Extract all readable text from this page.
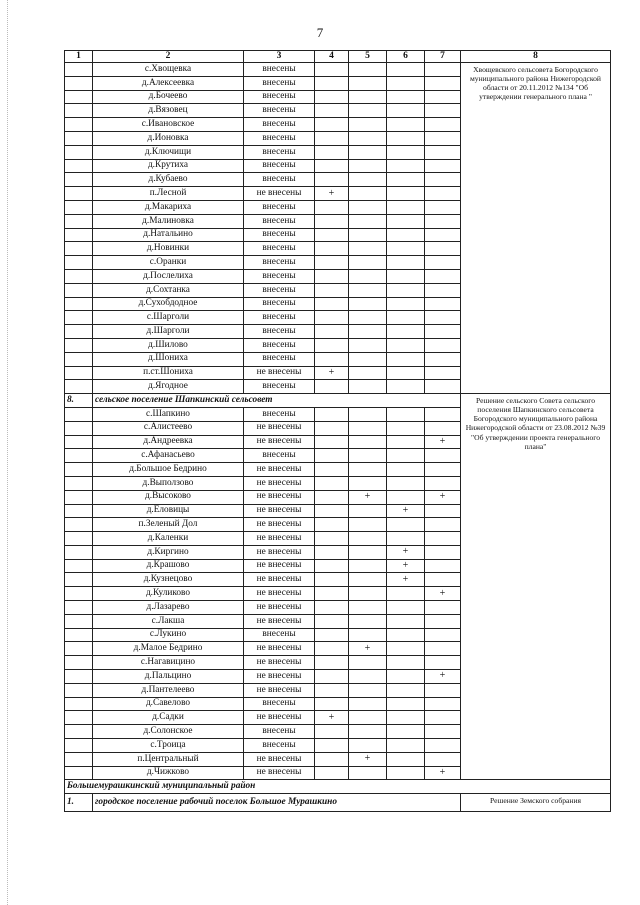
7
1	2	3	4	5	6	7	8
	с.Хвощевка	внесены					Хвощевского сельсовета Богородского муниципального района Нижегородской области от 20.11.2012 №134 "Об утверждении генерального плана "
	д.Алексеевка	внесены					
	д.Бочеево	внесены					
	д.Вязовец	внесены					
	с.Ивановское	внесены					
	д.Ионовка	внесены					
	д.Ключищи	внесены					
	д.Крутиха	внесены					
	д.Кубаево	внесены					
	п.Лесной	не внесены	+				
	д.Макариха	внесены					
	д.Малиновка	внесены					
	д.Натальино	внесены					
	д.Новинки	внесены					
	с.Оранки	внесены					
	д.Послелиха	внесены					
	д.Сохтанка	внесены					
	д.Сухобдодное	внесены					
	с.Шарголи	внесены					
	д.Шарголи	внесены					
	д.Шилово	внесены					
	д.Шониха	внесены					
	п.ст.Шониха	не внесены	+				
	д.Ягодное	внесены					
8.	сельское поселение Шапкинский сельсовет						Решение сельского Совета сельского поселения Шапкинского сельсовета Богородского муниципального района Нижегородской области от 23.08.2012 №39 "Об утверждении проекта генерального плана"
	с.Шапкино	внесены					
	с.Алистеево	не внесены					
	д.Андреевка	не внесены				+	
	с.Афанасьево	внесены					
	д.Большое Бедрино	не внесены					
	д.Выползово	не внесены					
	д.Высоково	не внесены		+		+	
	д.Еловицы	не внесены			+		
	п.Зеленый Дол	не внесены					
	д.Каленки	не внесены					
	д.Киргино	не внесены			+		
	д.Крашово	не внесены			+		
	д.Кузнецово	не внесены			+		
	д.Куликово	не внесены				+	
	д.Лазарево	не внесены					
	с.Лакша	не внесены					
	с.Лукино	внесены					
	д.Малое Бедрино	не внесены		+			
	с.Нагавицино	не внесены					
	д.Пальцино	не внесены				+	
	д.Пантелеево	не внесены					
	д.Савелово	внесены					
	д.Садки	не внесены	+				
	д.Солонское	внесены					
	с.Троица	внесены					
	п.Центральный	не внесены		+			
	д.Чижково	не внесены				+	
Большемурашкинский муниципальный район							
1.	городское поселение рабочий поселок Большое Мурашкино						Решение Земского собрания
